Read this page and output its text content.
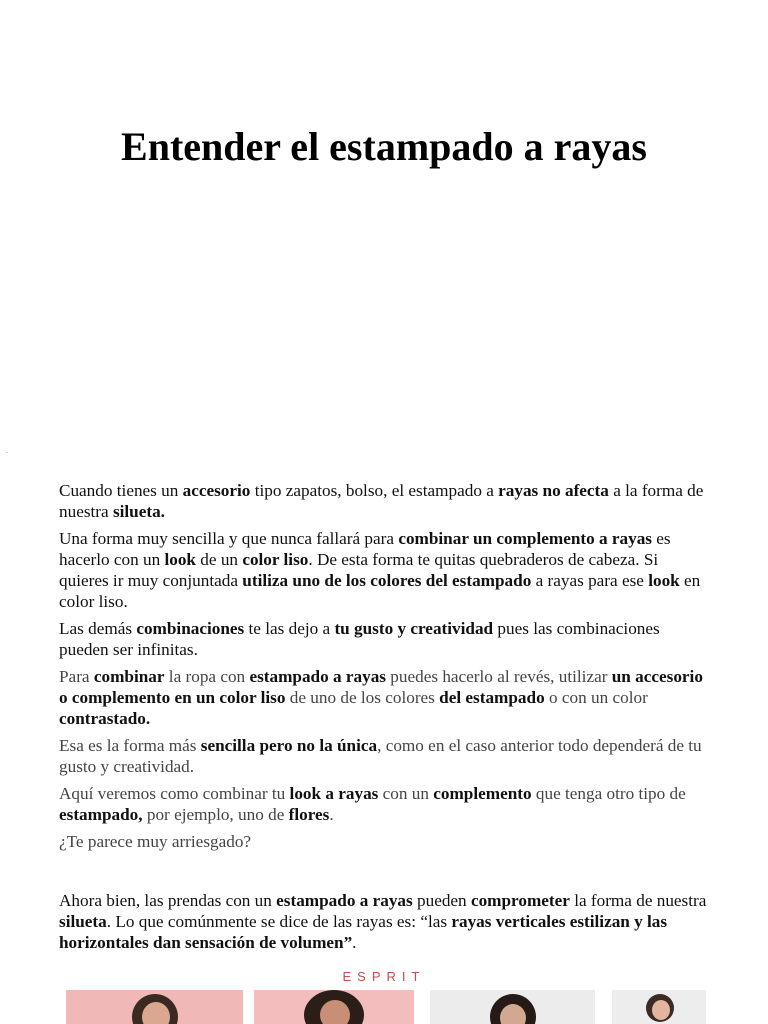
Entender el estampado a rayas
.

Cuando tienes un accesorio tipo zapatos, bolso, el estampado a rayas no afecta a la forma de nuestra silueta.

Una forma muy sencilla y que nunca fallará para combinar un complemento a rayas es hacerlo con un look de un color liso. De esta forma te quitas quebraderos de cabeza. Si quieres ir muy conjuntada utiliza uno de los colores del estampado a rayas para ese look en color liso.

Las demás combinaciones te las dejo a tu gusto y creatividad pues las combinaciones pueden ser infinitas.

Para combinar la ropa con estampado a rayas puedes hacerlo al revés, utilizar un accesorio o complemento en un color liso de uno de los colores del estampado o con un color contrastado.

Esa es la forma más sencilla pero no la única, como en el caso anterior todo dependerá de tu gusto y creatividad.

Aquí veremos como combinar tu look a rayas con un complemento que tenga otro tipo de estampado, por ejemplo, uno de flores.

¿Te parece muy arriesgado?

Ahora bien, las prendas con un estampado a rayas pueden comprometer la forma de nuestra silueta. Lo que comúnmente se dice de las rayas es: “las rayas verticales estilizan y las horizontales dan sensación de volumen”.

ESPRIT
